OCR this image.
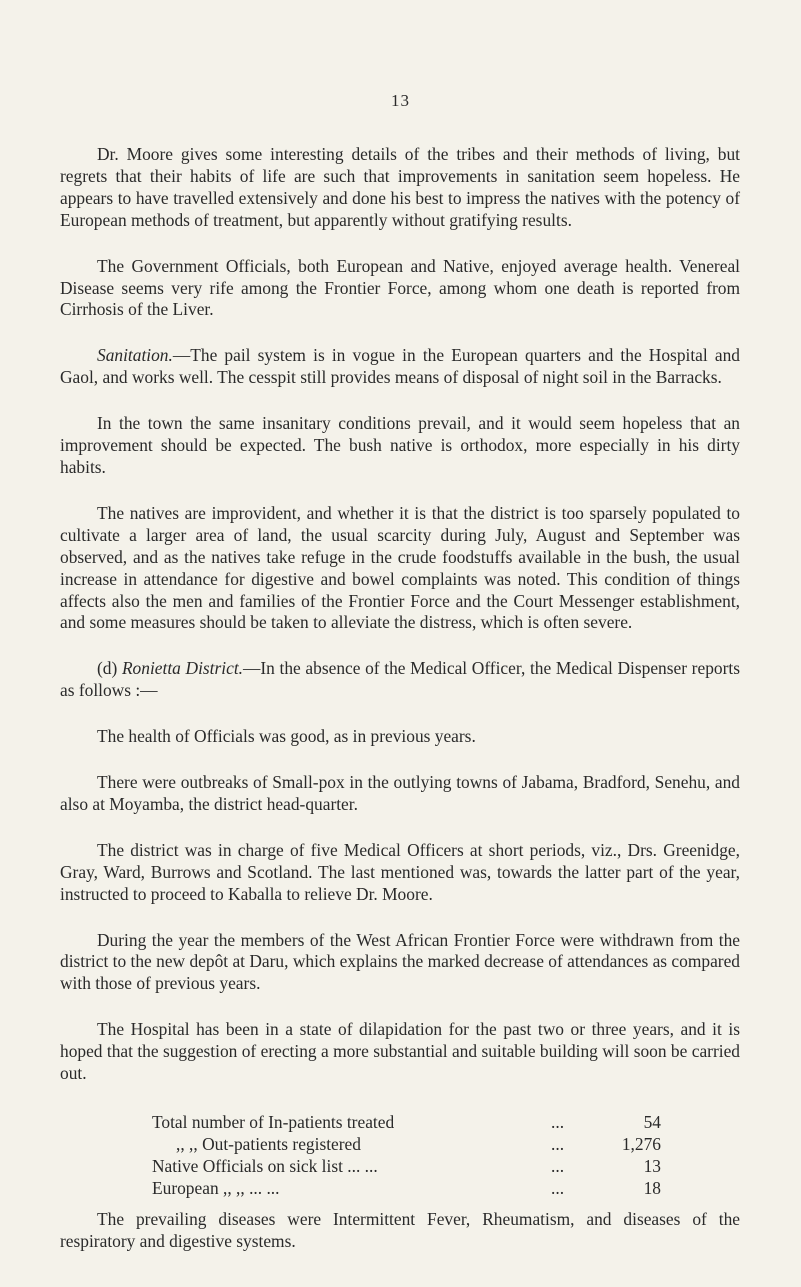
13

Dr. Moore gives some interesting details of the tribes and their methods of living, but regrets that their habits of life are such that improvements in sanitation seem hopeless. He appears to have travelled extensively and done his best to impress the natives with the potency of European methods of treatment, but apparently without gratifying results.

The Government Officials, both European and Native, enjoyed average health. Venereal Disease seems very rife among the Frontier Force, among whom one death is reported from Cirrhosis of the Liver.

Sanitation.—The pail system is in vogue in the European quarters and the Hospital and Gaol, and works well. The cesspit still provides means of disposal of night soil in the Barracks.

In the town the same insanitary conditions prevail, and it would seem hopeless that an improvement should be expected. The bush native is orthodox, more especially in his dirty habits.

The natives are improvident, and whether it is that the district is too sparsely populated to cultivate a larger area of land, the usual scarcity during July, August and September was observed, and as the natives take refuge in the crude foodstuffs available in the bush, the usual increase in attendance for digestive and bowel complaints was noted. This condition of things affects also the men and families of the Frontier Force and the Court Messenger establishment, and some measures should be taken to alleviate the distress, which is often severe.

(d) Ronietta District.—In the absence of the Medical Officer, the Medical Dispenser reports as follows :—

The health of Officials was good, as in previous years.

There were outbreaks of Small-pox in the outlying towns of Jabama, Bradford, Senehu, and also at Moyamba, the district head-quarter.

The district was in charge of five Medical Officers at short periods, viz., Drs. Greenidge, Gray, Ward, Burrows and Scotland. The last mentioned was, towards the latter part of the year, instructed to proceed to Kaballa to relieve Dr. Moore.

During the year the members of the West African Frontier Force were withdrawn from the district to the new depôt at Daru, which explains the marked decrease of attendances as compared with those of previous years.

The Hospital has been in a state of dilapidation for the past two or three years, and it is hoped that the suggestion of erecting a more substantial and suitable building will soon be carried out.

Total number of In-patients treated	...	54
,, ,, Out-patients registered	...	1,276
Native Officials on sick list ... ...	...	13
European ,, ,, ... ...	...	18

The prevailing diseases were Intermittent Fever, Rheumatism, and diseases of the respiratory and digestive systems.
